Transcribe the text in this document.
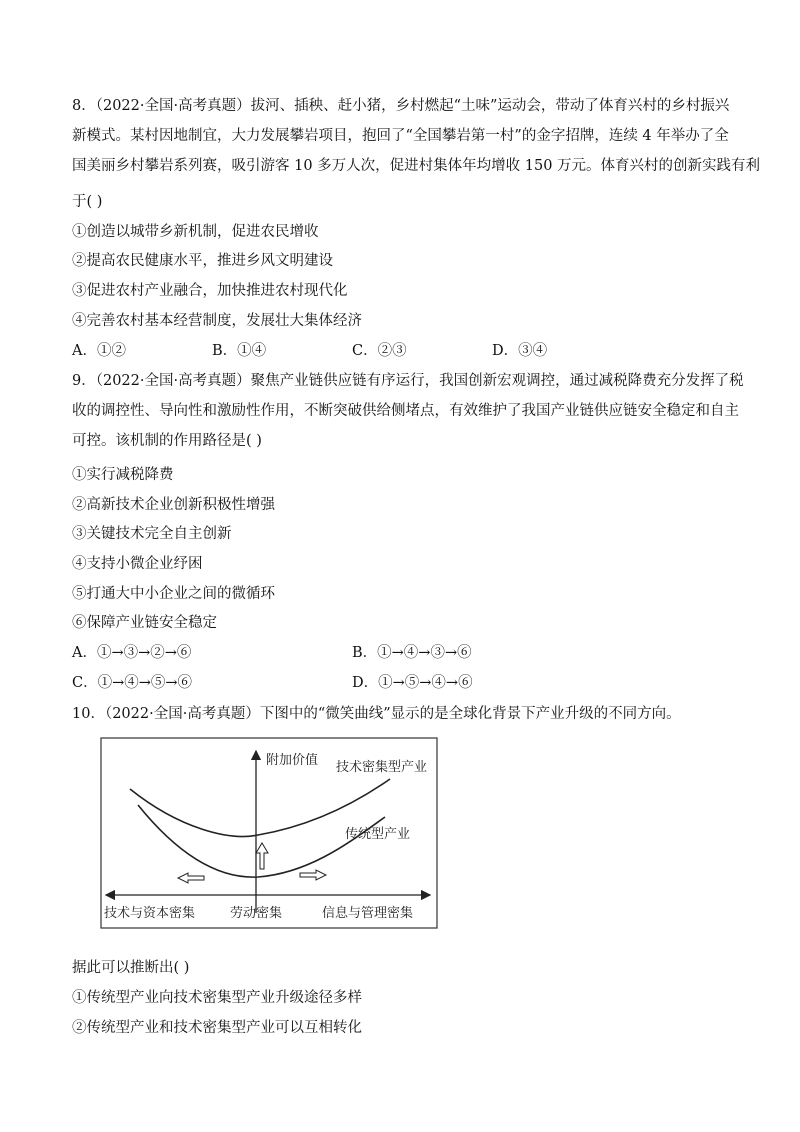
8．（2022·全国·高考真题）拔河、插秧、赶小猪，乡村燃起“土味”运动会，带动了体育兴村的乡村振兴
新模式。某村因地制宜，大力发展攀岩项目，抱回了“全国攀岩第一村”的金字招牌，连续 4 年举办了全
国美丽乡村攀岩系列赛，吸引游客 10 多万人次，促进村集体年均增收 150 万元。体育兴村的创新实践有利
于( )
①创造以城带乡新机制，促进农民增收
②提高农民健康水平，推进乡风文明建设
③促进农村产业融合，加快推进农村现代化
④完善农村基本经营制度，发展壮大集体经济
A．①②	B．①④	C．②③	D．③④
9．（2022·全国·高考真题）聚焦产业链供应链有序运行，我国创新宏观调控，通过减税降费充分发挥了税
收的调控性、导向性和激励性作用，不断突破供给侧堵点，有效维护了我国产业链供应链安全稳定和自主
可控。该机制的作用路径是( )
①实行减税降费
②高新技术企业创新积极性增强
③关键技术完全自主创新
④支持小微企业纾困
⑤打通大中小企业之间的微循环
⑥保障产业链安全稳定
A．①→③→②→⑥	B．①→④→③→⑥
C．①→④→⑤→⑥	D．①→⑤→④→⑥
10．（2022·全国·高考真题）下图中的“微笑曲线”显示的是全球化背景下产业升级的不同方向。
附加价值 技术密集型产业
传统型产业
技术与资本密集	劳动密集	信息与管理密集
据此可以推断出( )
①传统型产业向技术密集型产业升级途径多样
②传统型产业和技术密集型产业可以互相转化
